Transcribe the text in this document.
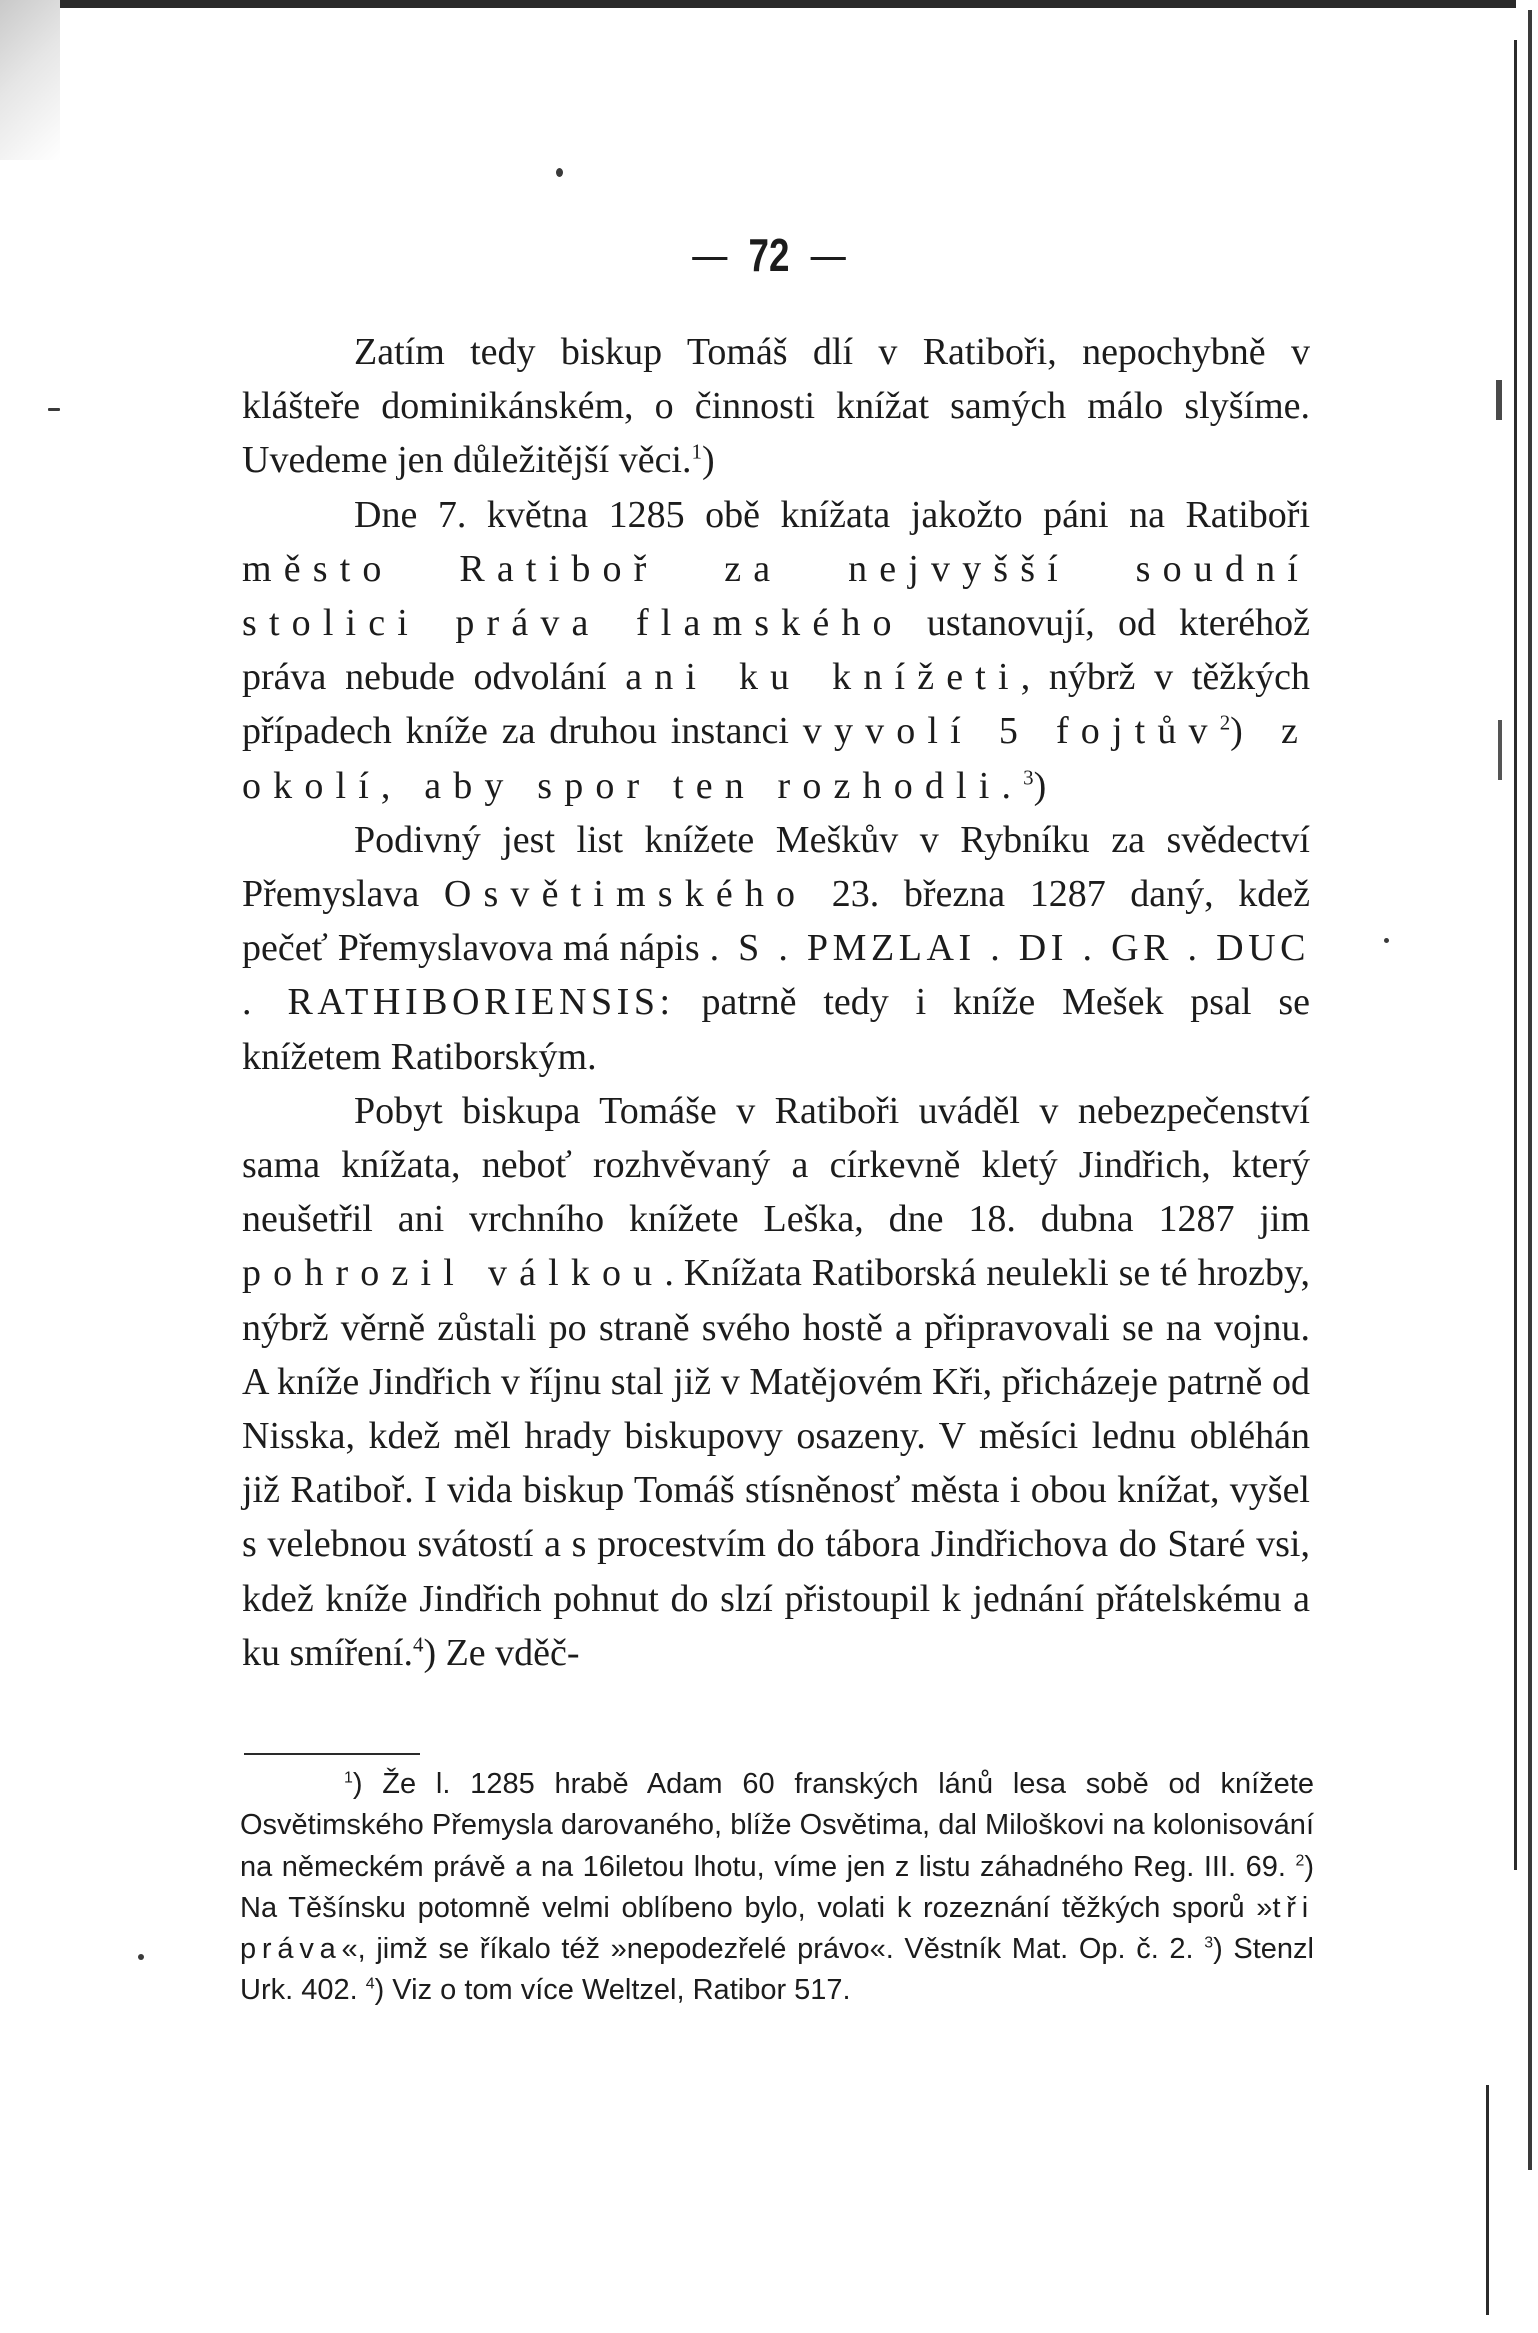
72

Zatím tedy biskup Tomáš dlí v Ratiboři, nepochybně v klášteře dominikánském, o činnosti knížat samých málo slyšíme. Uvedeme jen důležitější věci.$^1$)

Dne 7. května 1285 obě knížata jakožto páni na Ratiboři město Ratiboř za nejvyšší soudní stolici práva flamského ustanovují, od kteréhož práva nebude odvolání ani ku knížeti, nýbrž v těžkých případech kníže za druhou instanci vyvolí 5 fojtův$^2$) z okolí, aby spor ten rozhodli.$^3$)

Podivný jest list knížete Meškův v Rybníku za svědectví Přemyslava Osvětimského 23. března 1287 daný, kdež pečeť Přemyslavova má nápis . S . PMZLAI . DI . GR . DUC . RATHIBORIENSIS: patrně tedy i kníže Mešek psal se knížetem Ratiborským.

Pobyt biskupa Tomáše v Ratiboři uváděl v nebezpečenství sama knížata, neboť rozhvěvaný a církevně kletý Jindřich, který neušetřil ani vrchního knížete Leška, dne 18. dubna 1287 jim pohrozil válkou. Knížata Ratiborská neulekli se té hrozby, nýbrž věrně zůstali po straně svého hostě a připravovali se na vojnu. A kníže Jindřich v říjnu stal již v Matějovém Kři, přicházeje patrně od Nisska, kdež měl hrady biskupovy osazeny. V měsíci lednu obléhán již Ratiboř. I vida biskup Tomáš stísněnosť města i obou knížat, vyšel s velebnou svátostí a s procestvím do tábora Jindřichova do Staré vsi, kdež kníže Jindřich pohnut do slzí přistoupil k jednání přátelskému a ku smíření.$^4$) Ze vděč-

$^1$) Že l. 1285 hrabě Adam 60 franských lánů lesa sobě od knížete Osvětimského Přemysla darovaného, blíže Osvětima, dal Miloškovi na kolonisování na německém právě a na 16iletou lhotu, víme jen z listu záhadného Reg. III. 69. $^2$) Na Těšínsku potomně velmi oblíbeno bylo, volati k rozeznání těžkých sporů »tři práva«, jimž se říkalo též »nepodezřelé právo«. Věstník Mat. Op. č. 2. $^3$) Stenzl Urk. 402. $^4$) Viz o tom více Weltzel, Ratibor 517.
